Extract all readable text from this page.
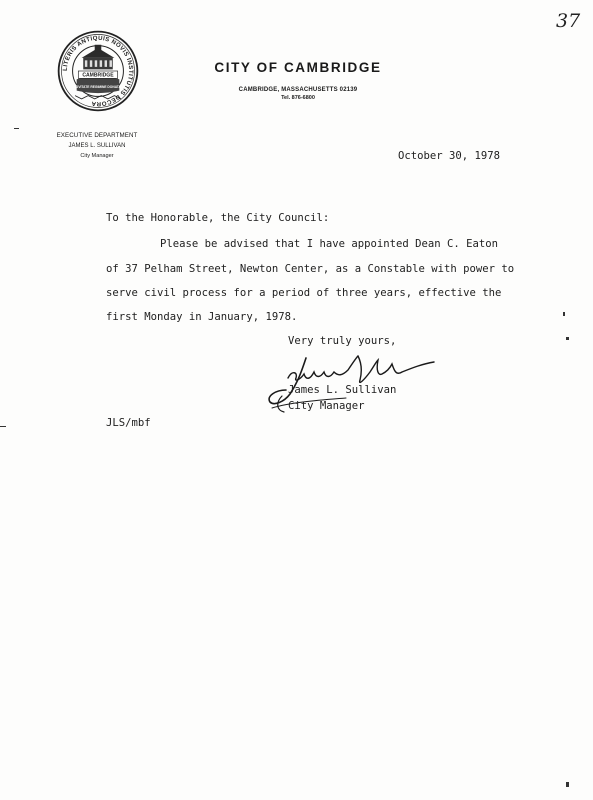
37
LITERIS ANTIQUIS NOVIS INSTITUTIS DECORA
CAMBRIDGE
CIVITATE REGIMINE DONATA
CITY OF CAMBRIDGE
CAMBRIDGE, MASSACHUSETTS 02139
Tel. 876-6800
EXECUTIVE DEPARTMENT
JAMES L. SULLIVAN
City Manager	October 30, 1978
To the Honorable, the City Council:
Please be advised that I have appointed Dean C. Eaton
of 37 Pelham Street, Newton Center, as a Constable with power to
serve civil process for a period of three years, effective the
first Monday in January, 1978.
Very truly yours,
James L. Sullivan
City Manager
JLS/mbf
